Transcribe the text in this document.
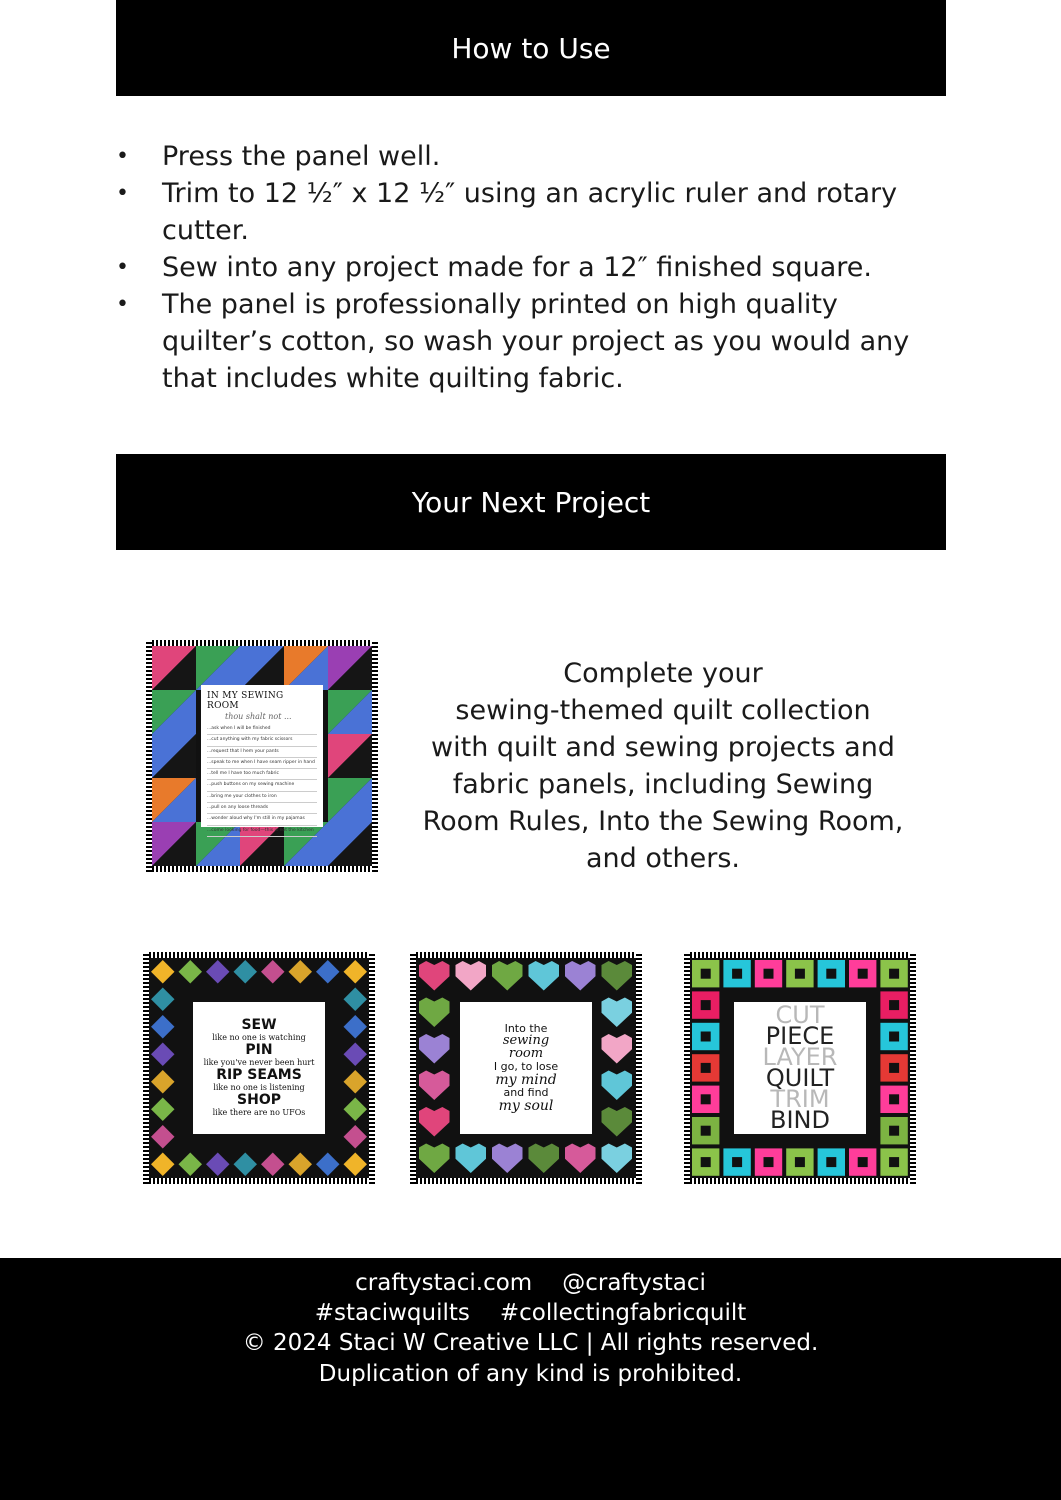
How to Use
• Press the panel well.
• Trim to 12 ½″ x 12 ½″ using an acrylic ruler and rotary cutter.
• Sew into any project made for a 12″ finished square.
• The panel is professionally printed on high quality quilter’s cotton, so wash your project as you would any that includes white quilting fabric.
Your Next Project
IN MY SEWING ROOM
thou shalt not ...
...ask when I will be finished
...cut anything with my fabric scissors
...request that I hem your pants
...speak to me when I have seam ripper in hand
...tell me I have too much fabric
...push buttons on my sewing machine
...bring me your clothes to iron
...pull on any loose threads
...wonder aloud why I'm still in my pajamas
...come looking for food—this is not the kitchen
Complete your
sewing-themed quilt collection
with quilt and sewing projects and
fabric panels, including Sewing
Room Rules, Into the Sewing Room,
and others.
SEW
like no one is watching
PIN
like you've never been hurt
RIP SEAMS
like no one is listening
SHOP
like there are no UFOs
Into the
sewing
room
I go, to lose
my mind
and find
my soul
CUT
PIECE
LAYER
QUILT
TRIM
BIND
craftystaci.com @craftystaci
#staciwquilts #collectingfabricquilt
© 2024 Staci W Creative LLC | All rights reserved.
Duplication of any kind is prohibited.
